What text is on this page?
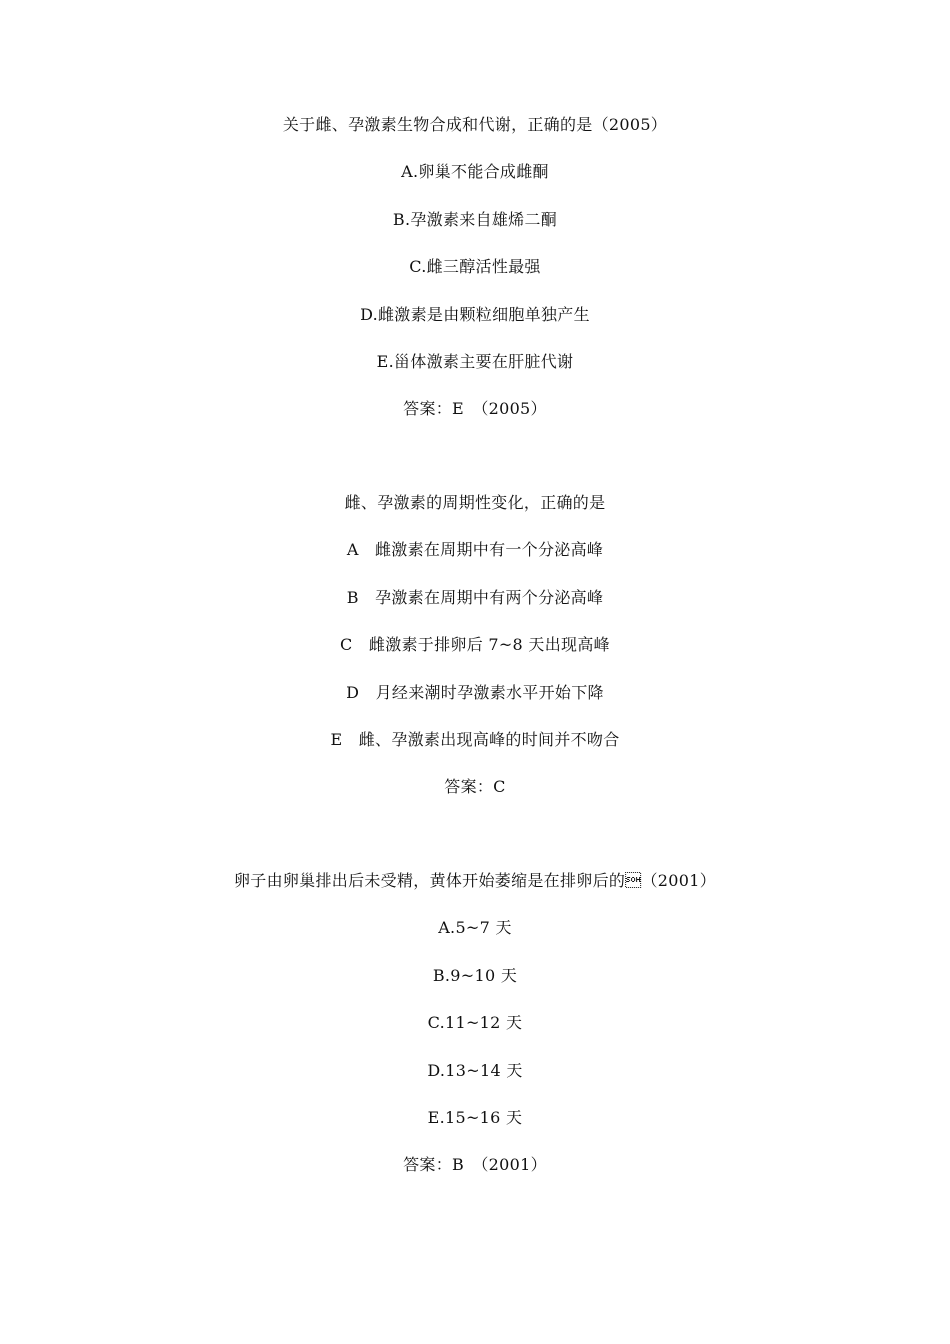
关于雌、孕激素生物合成和代谢，正确的是（2005）
A.卵巢不能合成雌酮
B.孕激素来自雄烯二酮
C.雌三醇活性最强
D.雌激素是由颗粒细胞单独产生
E.甾体激素主要在肝脏代谢
答案：E　（2005）
雌、孕激素的周期性变化，正确的是
A　雌激素在周期中有一个分泌高峰
B　孕激素在周期中有两个分泌高峰
C　雌激素于排卵后 7~8 天出现高峰
D　月经来潮时孕激素水平开始下降
E　雌、孕激素出现高峰的时间并不吻合
答案：C
卵子由卵巢排出后未受精，黄体开始萎缩是在排卵后的（2001）
A.5~7 天
B.9~10 天
C.11~12 天
D.13~14 天
E.15~16 天
答案：B　（2001）
